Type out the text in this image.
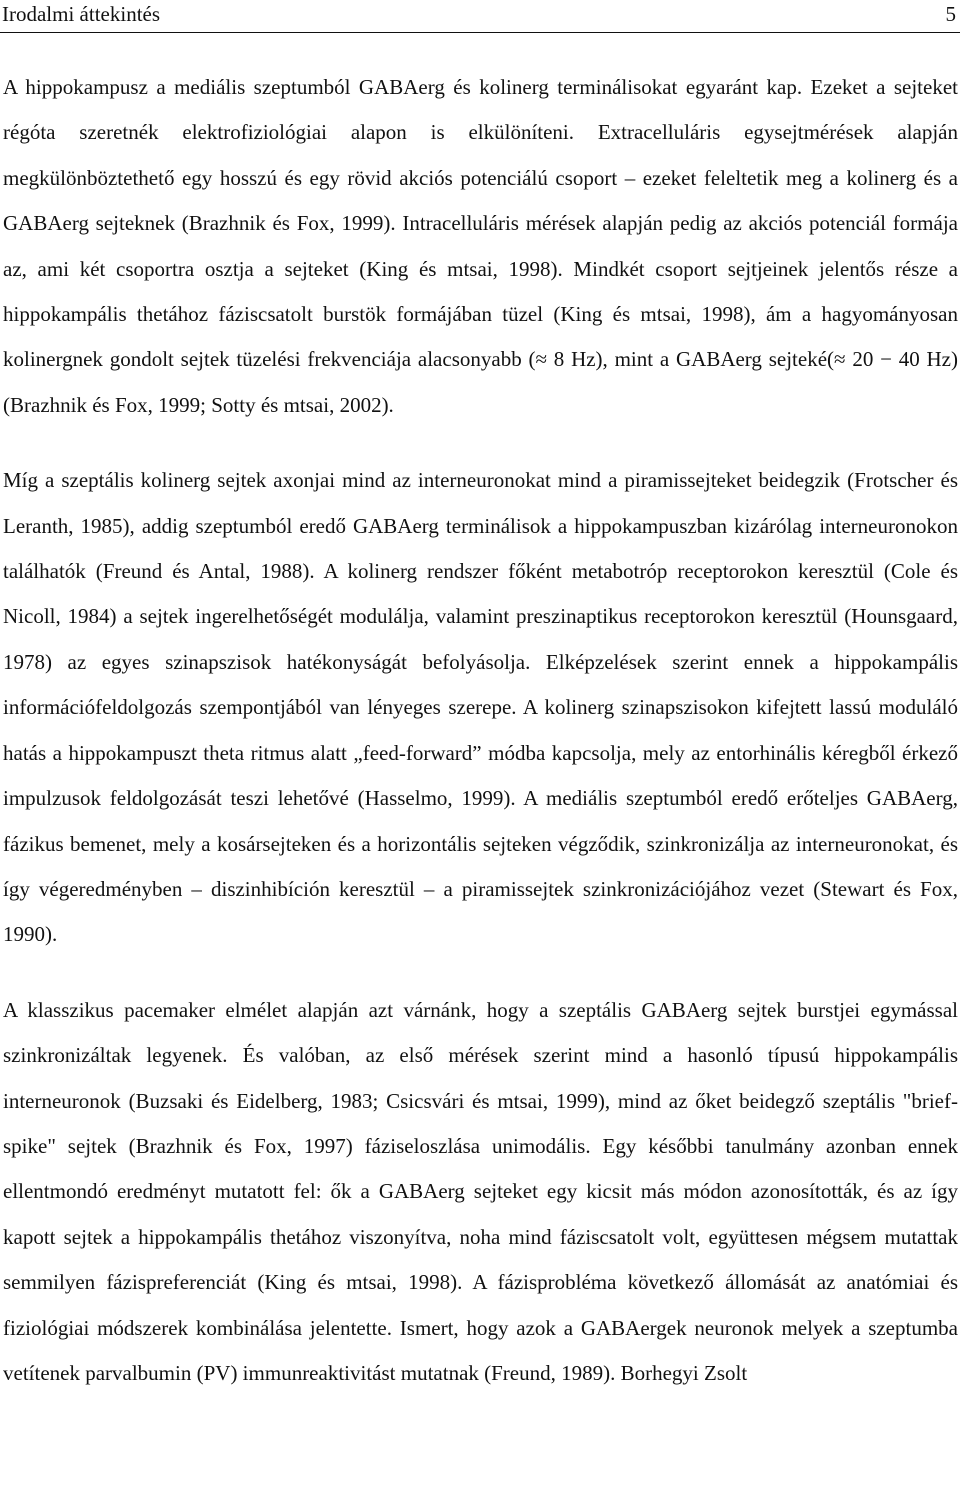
Irodalmi áttekintés	5

A hippokampusz a mediális szeptumból GABAerg és kolinerg terminálisokat egyaránt kap. Ezeket a sejteket régóta szeretnék elektrofiziológiai alapon is elkülöníteni. Extracelluláris egysejtmérések alapján megkülönböztethető egy hosszú és egy rövid akciós potenciálú csoport – ezeket feleltetik meg a kolinerg és a GABAerg sejteknek (Brazhnik és Fox, 1999). Intracelluláris mérések alapján pedig az akciós potenciál formája az, ami két csoportra osztja a sejteket (King és mtsai, 1998). Mindkét csoport sejtjeinek jelentős része a hippokampális thetához fáziscsatolt burstök formájában tüzel (King és mtsai, 1998), ám a hagyományosan kolinergnek gondolt sejtek tüzelési frekvenciája alacsonyabb (≈ 8 Hz), mint a GABAerg sejteké(≈ 20 − 40 Hz) (Brazhnik és Fox, 1999; Sotty és mtsai, 2002).

Míg a szeptális kolinerg sejtek axonjai mind az interneuronokat mind a piramissejteket beidegzik (Frotscher és Leranth, 1985), addig szeptumból eredő GABAerg terminálisok a hippokampuszban kizárólag interneuronokon találhatók (Freund és Antal, 1988). A kolinerg rendszer főként metabotróp receptorokon keresztül (Cole és Nicoll, 1984) a sejtek ingerelhetőségét modulálja, valamint preszinaptikus receptorokon keresztül (Hounsgaard, 1978) az egyes szinapszisok hatékonyságát befolyásolja. Elképzelések szerint ennek a hippokampális információfeldolgozás szempontjából van lényeges szerepe. A kolinerg szinapszisokon kifejtett lassú moduláló hatás a hippokampuszt theta ritmus alatt „feed-forward” módba kapcsolja, mely az entorhinális kéregből érkező impulzusok feldolgozását teszi lehetővé (Hasselmo, 1999). A mediális szeptumból eredő erőteljes GABAerg, fázikus bemenet, mely a kosársejteken és a horizontális sejteken végződik, szinkronizálja az interneuronokat, és így végeredményben – diszinhibíción keresztül – a piramissejtek szinkronizációjához vezet (Stewart és Fox, 1990).

A klasszikus pacemaker elmélet alapján azt várnánk, hogy a szeptális GABAerg sejtek burstjei egymással szinkronizáltak legyenek. És valóban, az első mérések szerint mind a hasonló típusú hippokampális interneuronok (Buzsaki és Eidelberg, 1983; Csicsvári és mtsai, 1999), mind az őket beidegző szeptális "brief-spike" sejtek (Brazhnik és Fox, 1997) fáziseloszlása unimodális. Egy későbbi tanulmány azonban ennek ellentmondó eredményt mutatott fel: ők a GABAerg sejteket egy kicsit más módon azonosították, és az így kapott sejtek a hippokampális thetához viszonyítva, noha mind fáziscsatolt volt, együttesen mégsem mutattak semmilyen fázispreferenciát (King és mtsai, 1998). A fázisprobléma következő állomását az anatómiai és fiziológiai módszerek kombinálása jelentette. Ismert, hogy azok a GABAergek neuronok melyek a szeptumba vetítenek parvalbumin (PV) immunreaktivitást mutatnak (Freund, 1989). Borhegyi Zsolt
